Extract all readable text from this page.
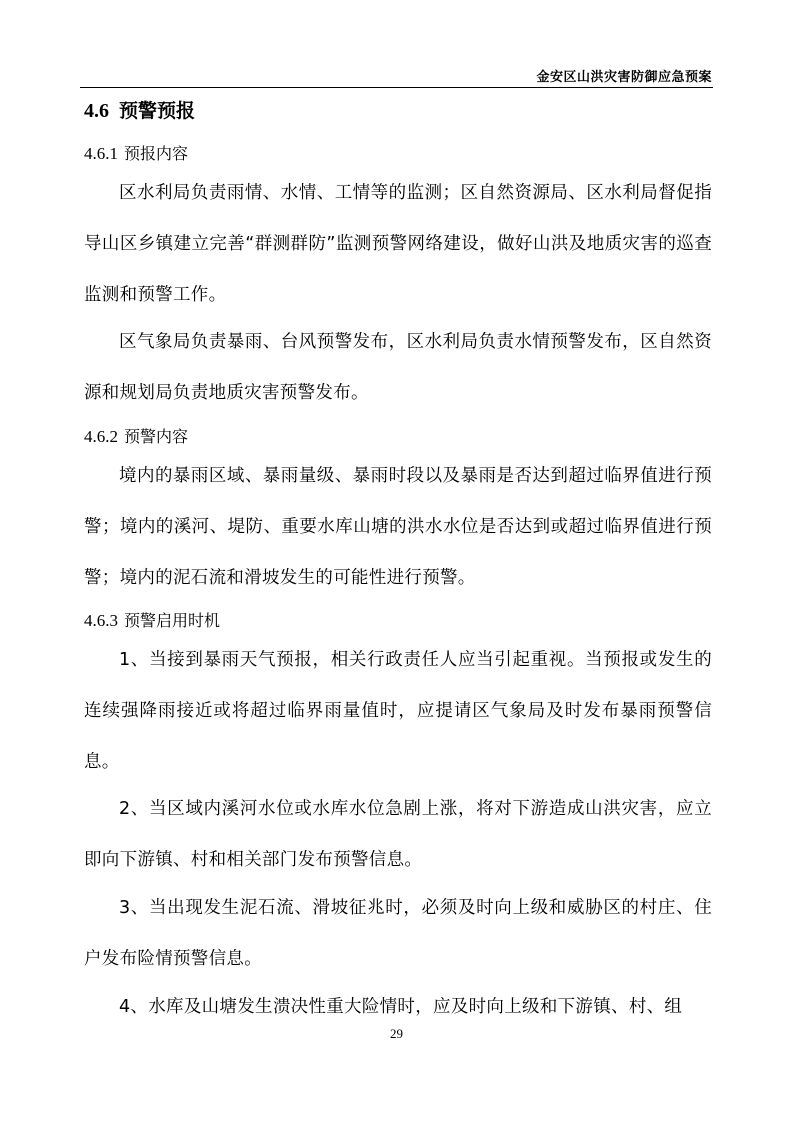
金安区山洪灾害防御应急预案
4.6 预警预报
4.6.1 预报内容

区水利局负责雨情、水情、工情等的监测；区自然资源局、区水利局督促指导山区乡镇建立完善“群测群防”监测预警网络建设，做好山洪及地质灾害的巡查监测和预警工作。

区气象局负责暴雨、台风预警发布，区水利局负责水情预警发布，区自然资源和规划局负责地质灾害预警发布。

4.6.2 预警内容

境内的暴雨区域、暴雨量级、暴雨时段以及暴雨是否达到超过临界值进行预警；境内的溪河、堤防、重要水库山塘的洪水水位是否达到或超过临界值进行预警；境内的泥石流和滑坡发生的可能性进行预警。

4.6.3 预警启用时机

1、当接到暴雨天气预报，相关行政责任人应当引起重视。当预报或发生的连续强降雨接近或将超过临界雨量值时，应提请区气象局及时发布暴雨预警信息。

2、当区域内溪河水位或水库水位急剧上涨，将对下游造成山洪灾害，应立即向下游镇、村和相关部门发布预警信息。

3、当出现发生泥石流、滑坡征兆时，必须及时向上级和威胁区的村庄、住户发布险情预警信息。

4、水库及山塘发生溃决性重大险情时，应及时向上级和下游镇、村、组

29
